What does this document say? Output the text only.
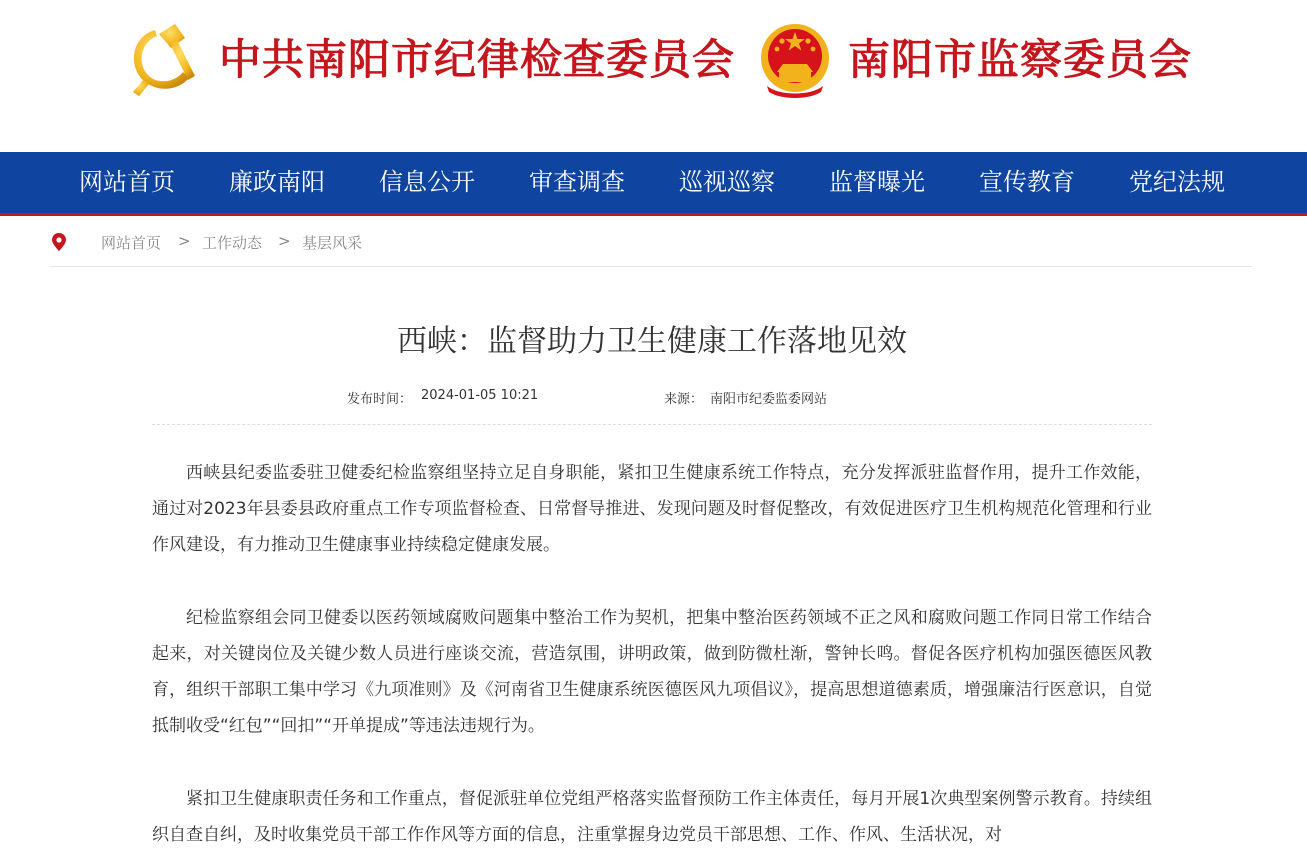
中共南阳市纪律检查委员会	南阳市监察委员会
网站首页 廉政南阳 信息公开 审查调查 巡视巡察 监督曝光 宣传教育 党纪法规
网站首页 > 工作动态 > 基层风采
西峡：监督助力卫生健康工作落地见效
发布时间： 2024-01-05 10:21	来源： 南阳市纪委监委网站

西峡县纪委监委驻卫健委纪检监察组坚持立足自身职能，紧扣卫生健康系统工作特点，充分发挥派驻监督作用，提升工作效能，通过对2023年县委县政府重点工作专项监督检查、日常督导推进、发现问题及时督促整改，有效促进医疗卫生机构规范化管理和行业作风建设，有力推动卫生健康事业持续稳定健康发展。

纪检监察组会同卫健委以医药领域腐败问题集中整治工作为契机，把集中整治医药领域不正之风和腐败问题工作同日常工作结合起来，对关键岗位及关键少数人员进行座谈交流，营造氛围，讲明政策，做到防微杜渐，警钟长鸣。督促各医疗机构加强医德医风教育，组织干部职工集中学习《九项准则》及《河南省卫生健康系统医德医风九项倡议》，提高思想道德素质，增强廉洁行医意识，自觉抵制收受“红包”“回扣”“开单提成”等违法违规行为。

紧扣卫生健康职责任务和工作重点，督促派驻单位党组严格落实监督预防工作主体责任，每月开展1次典型案例警示教育。持续组织自查自纠，及时收集党员干部工作作风等方面的信息，注重掌握身边党员干部思想、工作、作风、生活状况，对
